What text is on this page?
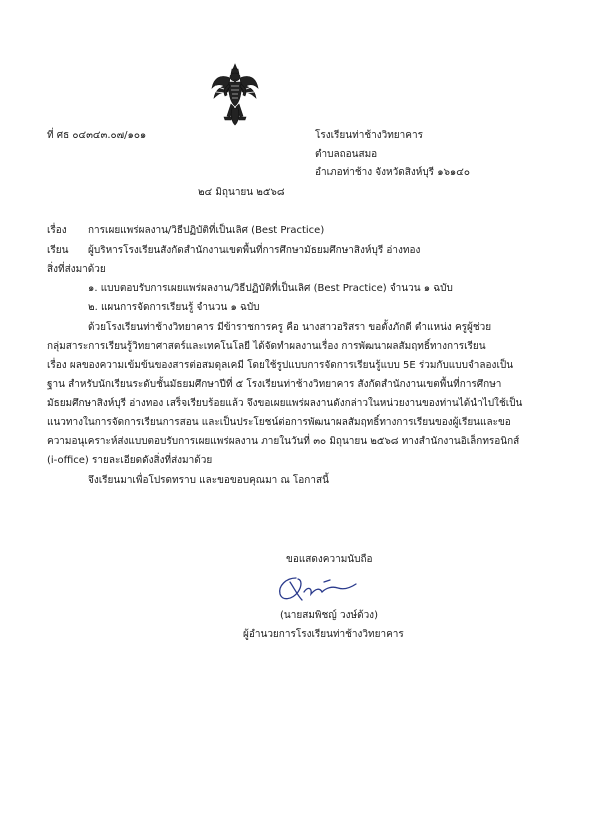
ที่ ศธ ๐๔๓๔๓.๐๗/๑๐๑	โรงเรียนท่าช้างวิทยาคาร
ตำบลถอนสมอ
อำเภอท่าช้าง จังหวัดสิงห์บุรี ๑๖๑๔๐
๒๔ มิถุนายน ๒๕๖๘
เรื่อง การเผยแพร่ผลงาน/วิธีปฏิบัติที่เป็นเลิศ (Best Practice)
เรียน ผู้บริหารโรงเรียนสังกัดสำนักงานเขตพื้นที่การศึกษามัธยมศึกษาสิงห์บุรี อ่างทอง
สิ่งที่ส่งมาด้วย
๑. แบบตอบรับการเผยแพร่ผลงาน/วิธีปฏิบัติที่เป็นเลิศ (Best Practice) จำนวน ๑ ฉบับ
๒. แผนการจัดการเรียนรู้ จำนวน ๑ ฉบับ
ด้วยโรงเรียนท่าช้างวิทยาคาร มีข้าราชการครู คือ นางสาวอริสรา ขอตั้งภักดี ตำแหน่ง ครูผู้ช่วย
กลุ่มสาระการเรียนรู้วิทยาศาสตร์และเทคโนโลยี ได้จัดทำผลงานเรื่อง การพัฒนาผลสัมฤทธิ์ทางการเรียน
เรื่อง ผลของความเข้มข้นของสารต่อสมดุลเคมี โดยใช้รูปแบบการจัดการเรียนรู้แบบ 5E ร่วมกับแบบจำลองเป็น
ฐาน สำหรับนักเรียนระดับชั้นมัธยมศึกษาปีที่ ๕ โรงเรียนท่าช้างวิทยาคาร สังกัดสำนักงานเขตพื้นที่การศึกษา
มัธยมศึกษาสิงห์บุรี อ่างทอง เสร็จเรียบร้อยแล้ว จึงขอเผยแพร่ผลงานดังกล่าวในหน่วยงานของท่านได้นำไปใช้เป็น
แนวทางในการจัดการเรียนการสอน และเป็นประโยชน์ต่อการพัฒนาผลสัมฤทธิ์ทางการเรียนของผู้เรียนและขอ
ความอนุเคราะห์ส่งแบบตอบรับการเผยแพร่ผลงาน ภายในวันที่ ๓๐ มิถุนายน ๒๕๖๘ ทางสำนักงานอิเล็กทรอนิกส์
(i-office) รายละเอียดดังสิ่งที่ส่งมาด้วย
จึงเรียนมาเพื่อโปรดทราบ และขอขอบคุณมา ณ โอกาสนี้
ขอแสดงความนับถือ
(นายสมพิชญ์ วงษ์ด้วง)
ผู้อำนวยการโรงเรียนท่าช้างวิทยาคาร
